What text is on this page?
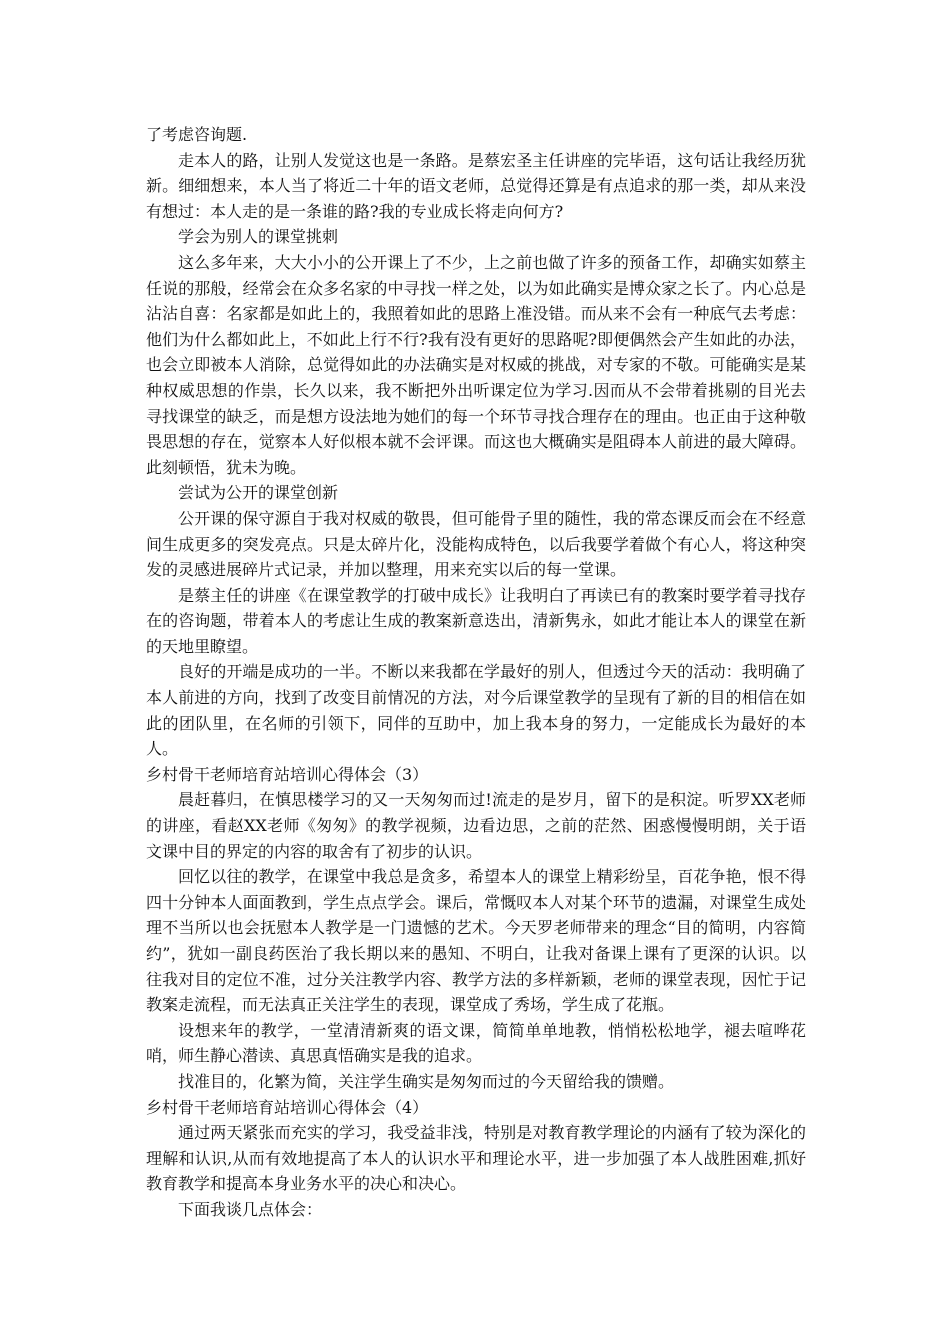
了考虑咨询题.

走本人的路，让别人发觉这也是一条路。是蔡宏圣主任讲座的完毕语，这句话让我经历犹新。细细想来，本人当了将近二十年的语文老师，总觉得还算是有点追求的那一类，却从来没有想过：本人走的是一条谁的路?我的专业成长将走向何方?

学会为别人的课堂挑刺

这么多年来，大大小小的公开课上了不少，上之前也做了许多的预备工作，却确实如蔡主任说的那般，经常会在众多名家的中寻找一样之处，以为如此确实是博众家之长了。内心总是沾沾自喜：名家都是如此上的，我照着如此的思路上准没错。而从来不会有一种底气去考虑：他们为什么都如此上，不如此上行不行?我有没有更好的思路呢?即便偶然会产生如此的办法，也会立即被本人消除，总觉得如此的办法确实是对权威的挑战，对专家的不敬。可能确实是某种权威思想的作祟，长久以来，我不断把外出听课定位为学习.因而从不会带着挑剔的目光去寻找课堂的缺乏，而是想方设法地为她们的每一个环节寻找合理存在的理由。也正由于这种敬畏思想的存在，觉察本人好似根本就不会评课。而这也大概确实是阻碍本人前进的最大障碍。此刻顿悟，犹未为晚。

尝试为公开的课堂创新

公开课的保守源自于我对权威的敬畏，但可能骨子里的随性，我的常态课反而会在不经意间生成更多的突发亮点。只是太碎片化，没能构成特色，以后我要学着做个有心人，将这种突发的灵感进展碎片式记录，并加以整理，用来充实以后的每一堂课。

是蔡主任的讲座《在课堂教学的打破中成长》让我明白了再读已有的教案时要学着寻找存在的咨询题，带着本人的考虑让生成的教案新意迭出，清新隽永，如此才能让本人的课堂在新的天地里瞭望。

良好的开端是成功的一半。不断以来我都在学最好的别人，但透过今天的活动：我明确了本人前进的方向，找到了改变目前情况的方法，对今后课堂教学的呈现有了新的目的相信在如此的团队里，在名师的引领下，同伴的互助中，加上我本身的努力，一定能成长为最好的本人。

乡村骨干老师培育站培训心得体会（3）

晨赶暮归，在慎思楼学习的又一天匆匆而过!流走的是岁月，留下的是积淀。听罗XX老师的讲座，看赵XX老师《匆匆》的教学视频，边看边思，之前的茫然、困惑慢慢明朗，关于语文课中目的界定的内容的取舍有了初步的认识。

回忆以往的教学，在课堂中我总是贪多，希望本人的课堂上精彩纷呈，百花争艳，恨不得四十分钟本人面面教到，学生点点学会。课后，常慨叹本人对某个环节的遗漏，对课堂生成处理不当所以也会抚慰本人教学是一门遗憾的艺术。今天罗老师带来的理念“目的简明，内容简约”，犹如一副良药医治了我长期以来的愚知、不明白，让我对备课上课有了更深的认识。以往我对目的定位不准，过分关注教学内容、教学方法的多样新颖，老师的课堂表现，因忙于记教案走流程，而无法真正关注学生的表现，课堂成了秀场，学生成了花瓶。

设想来年的教学，一堂清清新爽的语文课，简简单单地教，悄悄松松地学，褪去喧哗花哨，师生静心潜读、真思真悟确实是我的追求。

找准目的，化繁为简，关注学生确实是匆匆而过的今天留给我的馈赠。

乡村骨干老师培育站培训心得体会（4）

通过两天紧张而充实的学习，我受益非浅，特别是对教育教学理论的内涵有了较为深化的理解和认识,从而有效地提高了本人的认识水平和理论水平，进一步加强了本人战胜困难,抓好教育教学和提高本身业务水平的决心和决心。

下面我谈几点体会：
